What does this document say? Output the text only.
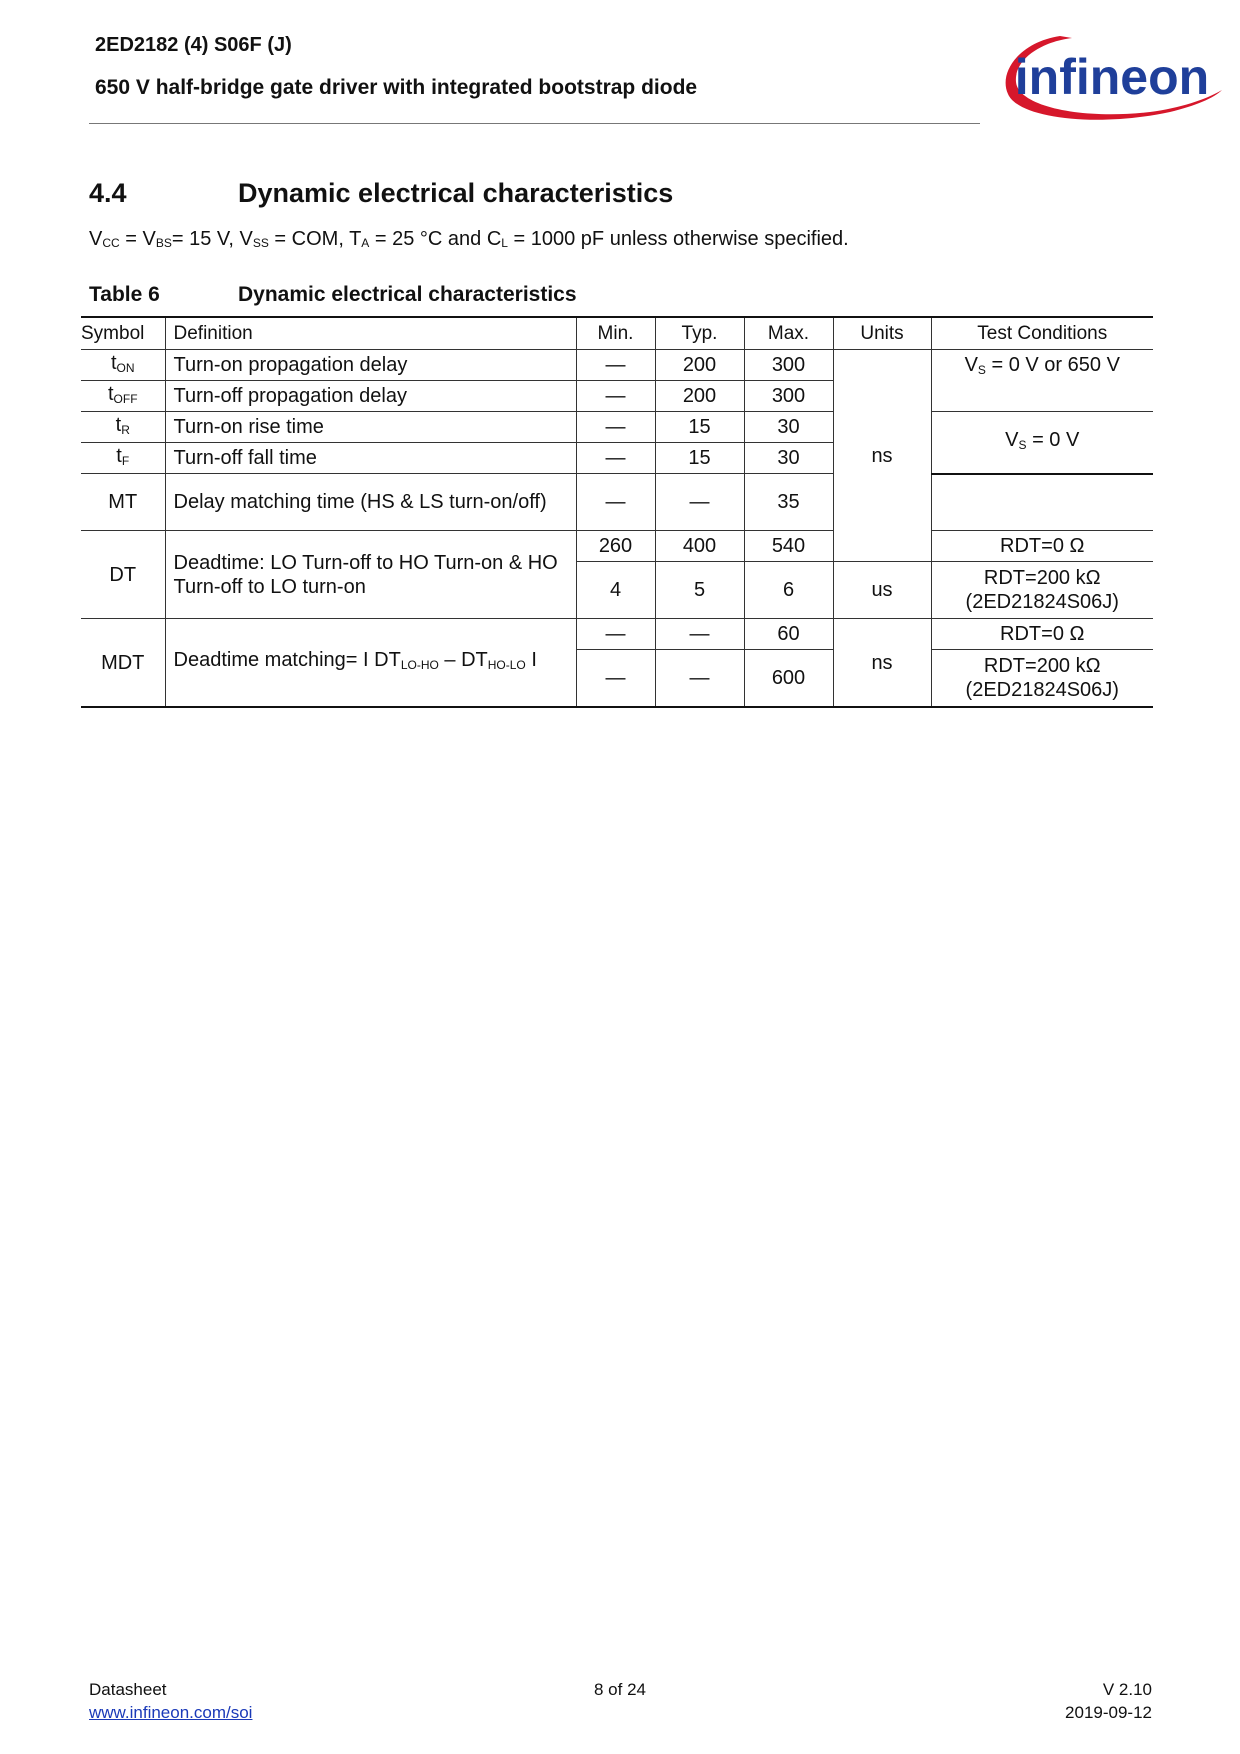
2ED2182 (4) S06F (J)
650 V half-bridge gate driver with integrated bootstrap diode	infineon
4.4	Dynamic electrical characteristics
$V_{CC} = V_{BS}= 15$ V, $V_{SS}$ = COM, $T_A = 25$ °C and $C_L = 1000$ pF unless otherwise specified.
Table 6	Dynamic electrical characteristics
Symbol	Definition	Min.	Typ.	Max.	Units	Test Conditions
$t_{ON}$	Turn-on propagation delay	—	200	300	ns	$V_S = 0$ V or 650 V
$t_{OFF}$	Turn-off propagation delay	—	200	300		
$t_R$	Turn-on rise time	—	15	30		$V_S = 0$ V
$t_F$	Turn-off fall time	—	15	30		
MT	Delay matching time (HS & LS turn-on/off)	—	—	35		
DT	Deadtime: LO Turn-off to HO Turn-on & HO Turn-off to LO turn-on	260	400	540		RDT=0 Ω
		4	5	6	us	RDT=200 kΩ (2ED21824S06J)
MDT	Deadtime matching= I $DT_{LO-HO} - DT_{HO-LO}$ I	—	—	60	ns	RDT=0 Ω
		—	—	600		RDT=200 kΩ (2ED21824S06J)
Datasheet
www.infineon.com/soi
8 of 24	V 2.10
2019-09-12
